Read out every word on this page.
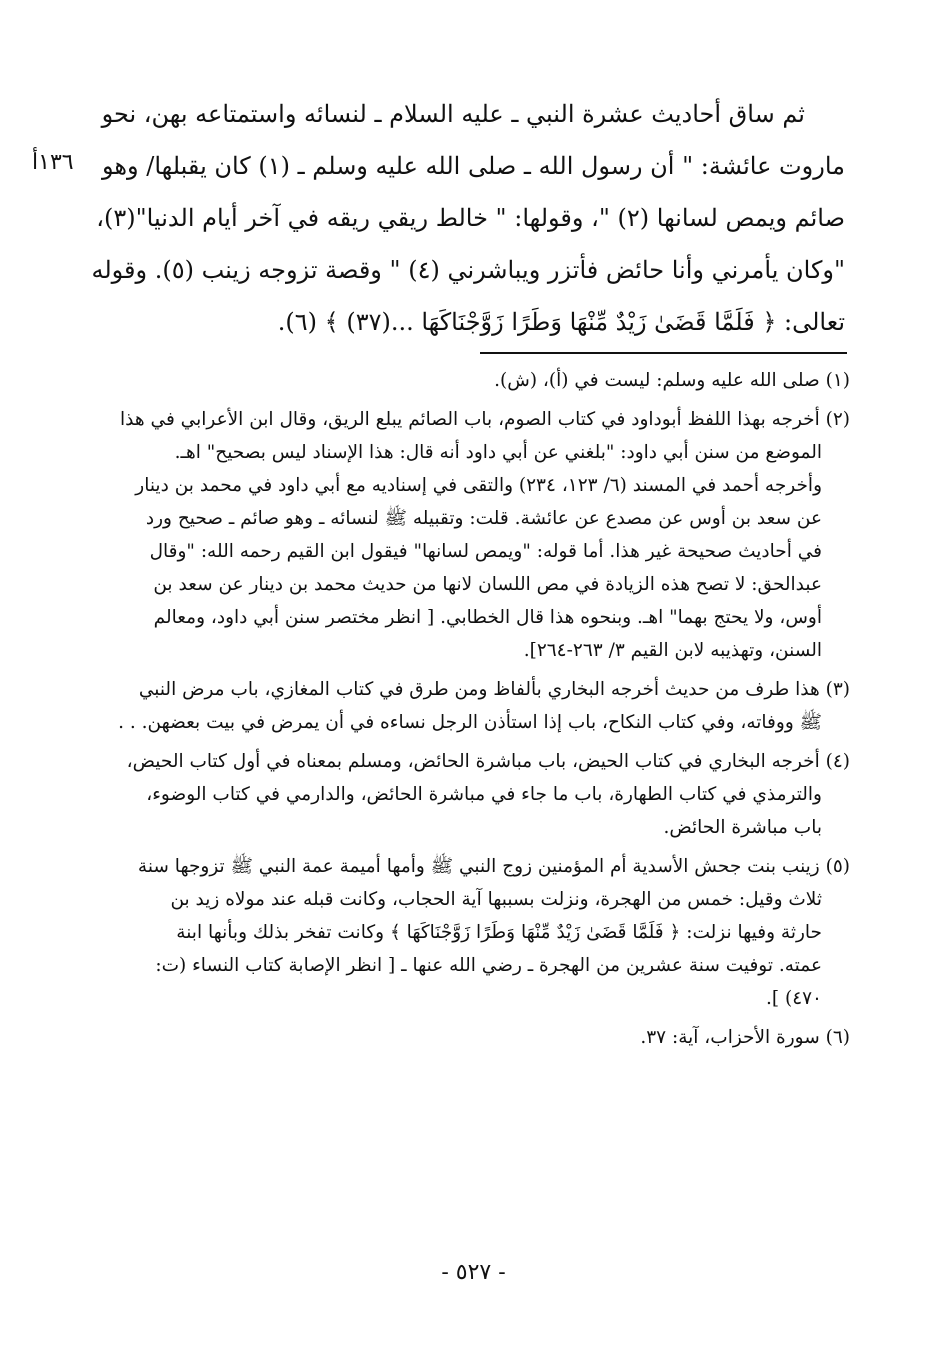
١٣٦أ
ثم ساق أحاديث عشرة النبي ـ عليه السلام ـ لنسائه واستمتاعه بهن، نحو
ماروت عائشة: " أن رسول الله ـ صلى الله عليه وسلم ـ (١) كان يقبلها/ وهو
صائم ويمص لسانها (٢) "، وقولها: " خالط ريقي ريقه في آخر أيام الدنيا"(٣)،
"وكان يأمرني وأنا حائض فأتزر ويباشرني (٤) " وقصة تزوجه زينب (٥). وقوله
تعالى: ﴿ فَلَمَّا قَضَىٰ زَيْدٌ مِّنْهَا وَطَرًا زَوَّجْنَاكَهَا ...(٣٧) ﴾ (٦).
(١) صلى الله عليه وسلم: ليست في (أ)، (ش).
(٢) أخرجه بهذا اللفظ أبوداود في كتاب الصوم، باب الصائم يبلع الريق، وقال ابن الأعرابي في هذا
الموضع من سنن أبي داود: "بلغني عن أبي داود أنه قال: هذا الإسناد ليس بصحيح" اهـ.
وأخرجه أحمد في المسند (٦/ ١٢٣، ٢٣٤) والتقى في إسناديه مع أبي داود في محمد بن دينار
عن سعد بن أوس عن مصدع عن عائشة. قلت: وتقبيله ﷺ لنسائه ـ وهو صائم ـ صحيح ورد
في أحاديث صحيحة غير هذا. أما قوله: "ويمص لسانها" فيقول ابن القيم رحمه الله: "وقال
عبدالحق: لا تصح هذه الزيادة في مص اللسان لانها من حديث محمد بن دينار عن سعد بن
أوس، ولا يحتج بهما" اهـ. وبنحوه هذا قال الخطابي. [ انظر مختصر سنن أبي داود، ومعالم
السنن، وتهذيبه لابن القيم ٣/ ٢٦٣-٢٦٤].
(٣) هذا طرف من حديث أخرجه البخاري بألفاظ ومن طرق في كتاب المغازي، باب مرض النبي
ﷺ ووفاته، وفي كتاب النكاح، باب إذا استأذن الرجل نساءه في أن يمرض في بيت بعضهن. . .
(٤) أخرجه البخاري في كتاب الحيض، باب مباشرة الحائض، ومسلم بمعناه في أول كتاب الحيض،
والترمذي في كتاب الطهارة، باب ما جاء في مباشرة الحائض، والدارمي في كتاب الوضوء،
باب مباشرة الحائض.
(٥) زينب بنت جحش الأسدية أم المؤمنين زوج النبي ﷺ وأمها أميمة عمة النبي ﷺ تزوجها سنة
ثلاث وقيل: خمس من الهجرة، ونزلت بسببها آية الحجاب، وكانت قبله عند مولاه زيد بن
حارثة وفيها نزلت: ﴿ فَلَمَّا قَضَىٰ زَيْدٌ مِّنْهَا وَطَرًا زَوَّجْنَاكَهَا ﴾ وكانت تفخر بذلك وبأنها ابنة
عمته. توفيت سنة عشرين من الهجرة ـ رضي الله عنها ـ [ انظر الإصابة كتاب النساء (ت:
٤٧٠) ].
(٦) سورة الأحزاب، آية: ٣٧.
- ٥٢٧ -
